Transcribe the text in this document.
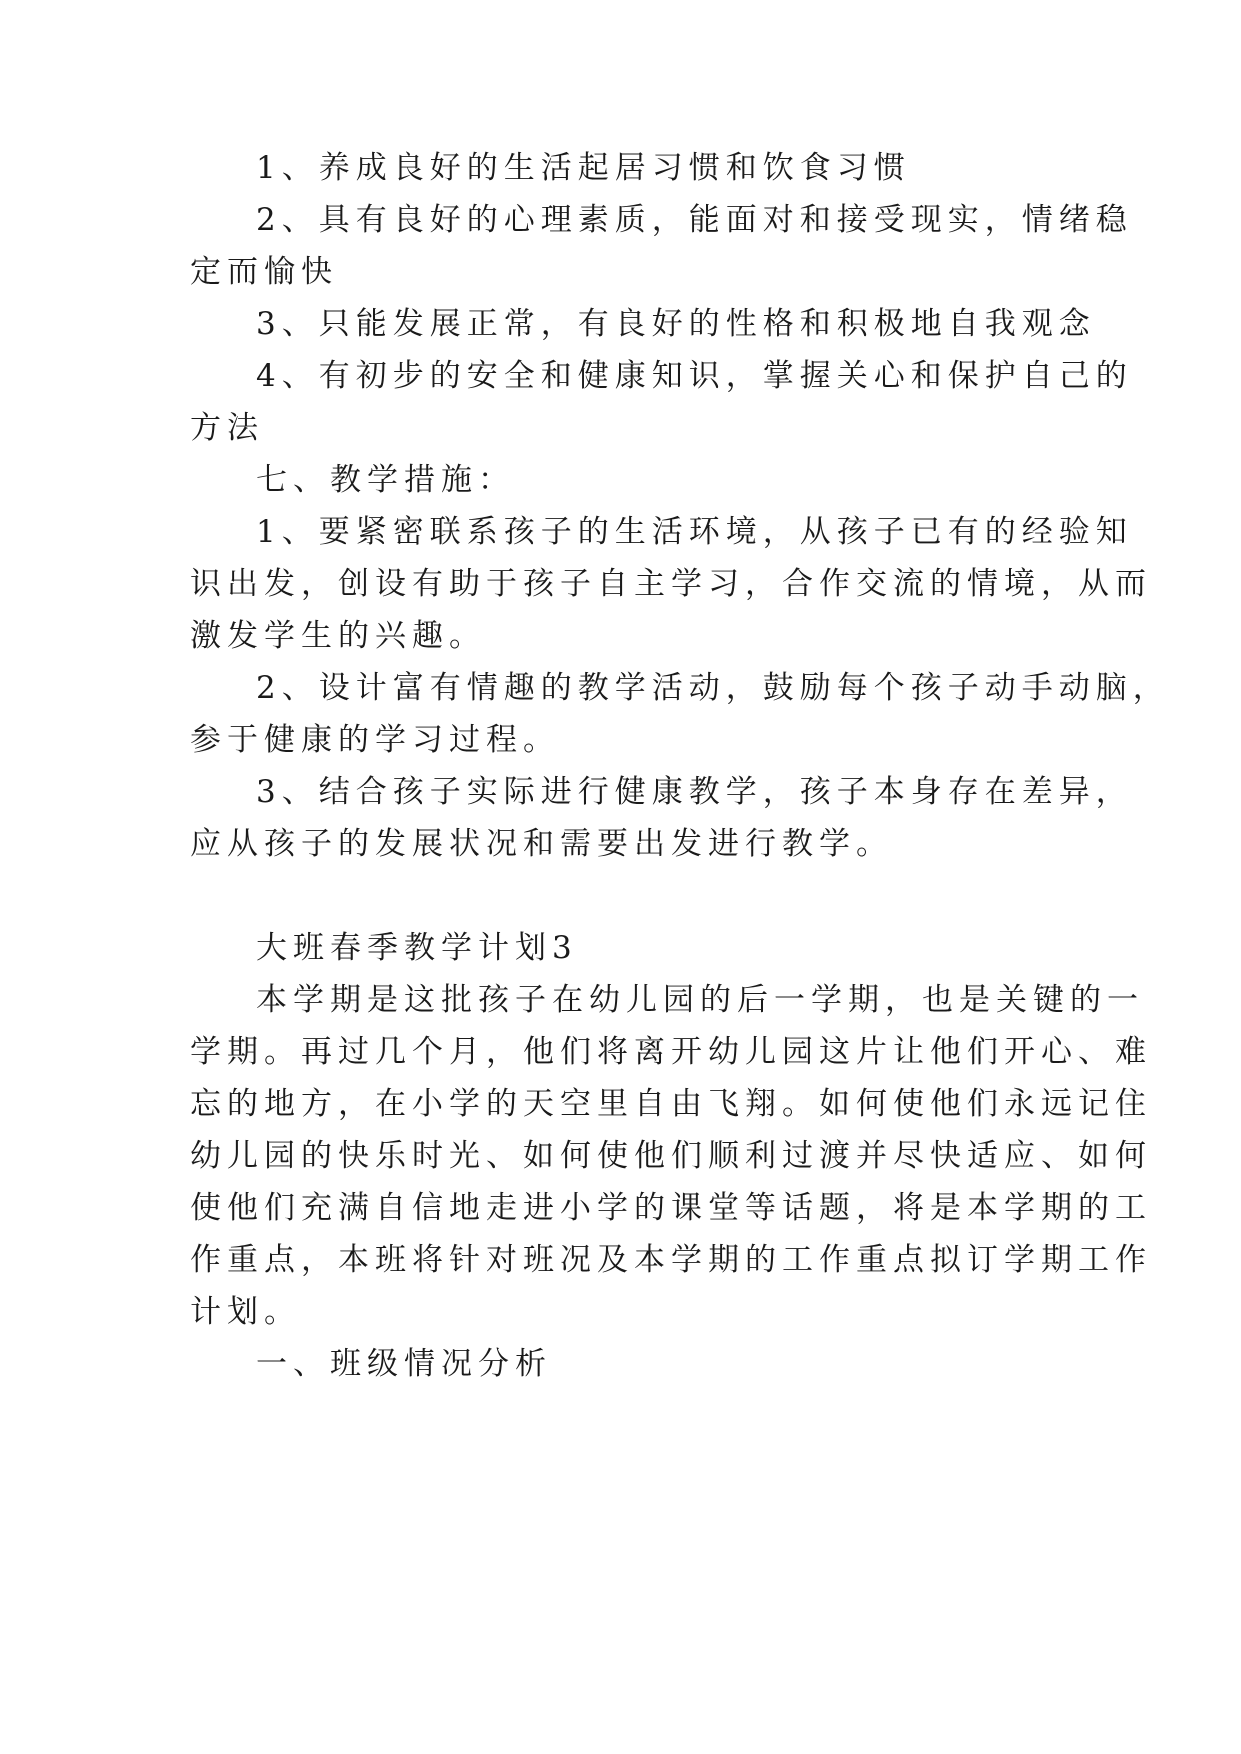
1、养成良好的生活起居习惯和饮食习惯
2、具有良好的心理素质，能面对和接受现实，情绪稳
定而愉快
3、只能发展正常，有良好的性格和积极地自我观念
4、有初步的安全和健康知识，掌握关心和保护自己的
方法
七、教学措施：
1、要紧密联系孩子的生活环境，从孩子已有的经验知
识出发，创设有助于孩子自主学习，合作交流的情境，从而
激发学生的兴趣。
2、设计富有情趣的教学活动，鼓励每个孩子动手动脑，
参于健康的学习过程。
3、结合孩子实际进行健康教学，孩子本身存在差异，
应从孩子的发展状况和需要出发进行教学。
大班春季教学计划3
本学期是这批孩子在幼儿园的后一学期，也是关键的一
学期。再过几个月，他们将离开幼儿园这片让他们开心、难
忘的地方，在小学的天空里自由飞翔。如何使他们永远记住
幼儿园的快乐时光、如何使他们顺利过渡并尽快适应、如何
使他们充满自信地走进小学的课堂等话题，将是本学期的工
作重点，本班将针对班况及本学期的工作重点拟订学期工作
计划。
一、班级情况分析
